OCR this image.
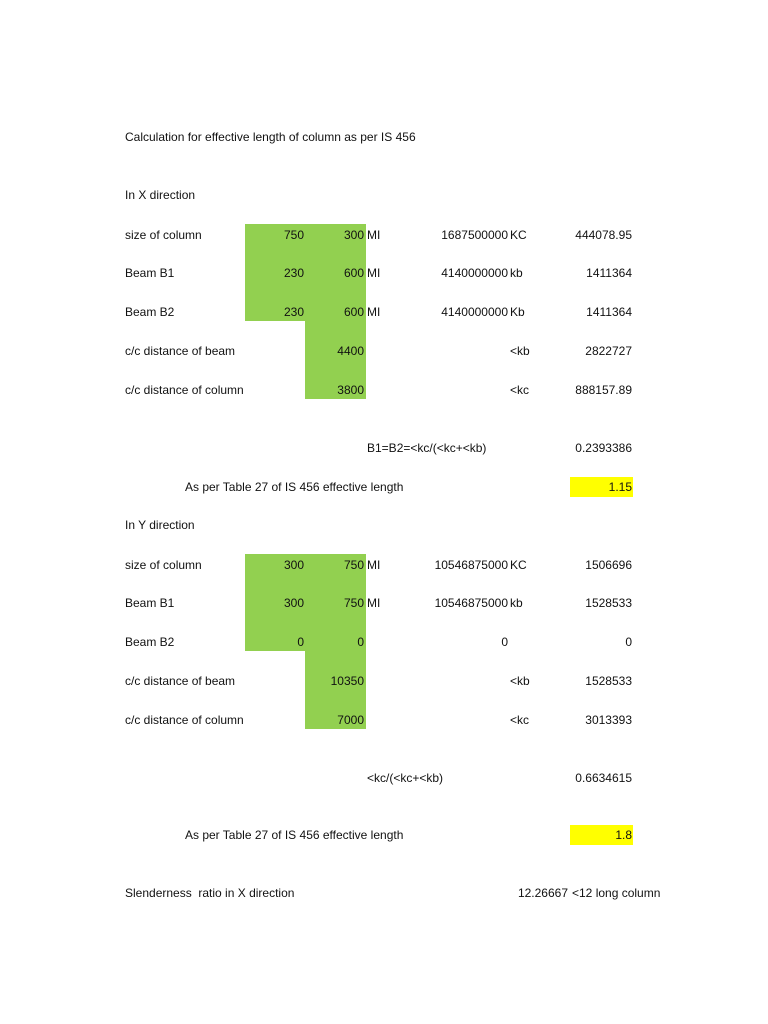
Calculation for effective length of column as per IS 456
In X direction
size of column	750	300 MI	1687500000 KC	444078.95
Beam B1	230	600 MI	4140000000 kb	1411364
Beam B2	230	600 MI	4140000000 Kb	1411364
c/c distance of beam	4400	<kb	2822727
c/c distance of column	3800	<kc	888157.89
B1=B2=<kc/(<kc+<kb)	0.2393386
As per Table 27 of IS 456 effective length	1.15
In Y direction
size of column	300	750 MI	10546875000 KC	1506696
Beam B1	300	750 MI	10546875000 kb	1528533
Beam B2	0	0	0	0
c/c distance of beam	10350	<kb	1528533
c/c distance of column	7000	<kc	3013393
<kc/(<kc+<kb)	0.6634615
As per Table 27 of IS 456 effective length	1.8
Slenderness  ratio in X direction	12.26667 <12 long column
